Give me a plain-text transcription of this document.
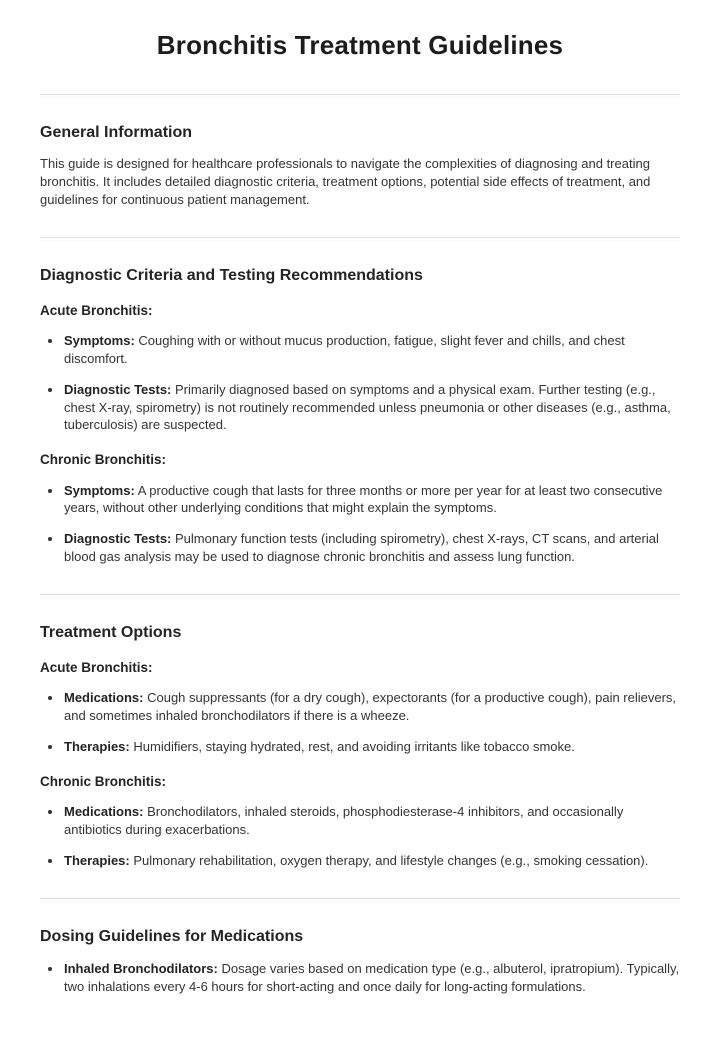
Bronchitis Treatment Guidelines
General Information

This guide is designed for healthcare professionals to navigate the complexities of diagnosing and treating bronchitis. It includes detailed diagnostic criteria, treatment options, potential side effects of treatment, and guidelines for continuous patient management.

Diagnostic Criteria and Testing Recommendations
Acute Bronchitis:
• Symptoms: Coughing with or without mucus production, fatigue, slight fever and chills, and chest discomfort.
• Diagnostic Tests: Primarily diagnosed based on symptoms and a physical exam. Further testing (e.g., chest X-ray, spirometry) is not routinely recommended unless pneumonia or other diseases (e.g., asthma, tuberculosis) are suspected.
Chronic Bronchitis:
• Symptoms: A productive cough that lasts for three months or more per year for at least two consecutive years, without other underlying conditions that might explain the symptoms.
• Diagnostic Tests: Pulmonary function tests (including spirometry), chest X-rays, CT scans, and arterial blood gas analysis may be used to diagnose chronic bronchitis and assess lung function.
Treatment Options
Acute Bronchitis:
• Medications: Cough suppressants (for a dry cough), expectorants (for a productive cough), pain relievers, and sometimes inhaled bronchodilators if there is a wheeze.
• Therapies: Humidifiers, staying hydrated, rest, and avoiding irritants like tobacco smoke.
Chronic Bronchitis:
• Medications: Bronchodilators, inhaled steroids, phosphodiesterase-4 inhibitors, and occasionally antibiotics during exacerbations.
• Therapies: Pulmonary rehabilitation, oxygen therapy, and lifestyle changes (e.g., smoking cessation).
Dosing Guidelines for Medications
• Inhaled Bronchodilators: Dosage varies based on medication type (e.g., albuterol, ipratropium). Typically, two inhalations every 4-6 hours for short-acting and once daily for long-acting formulations.
